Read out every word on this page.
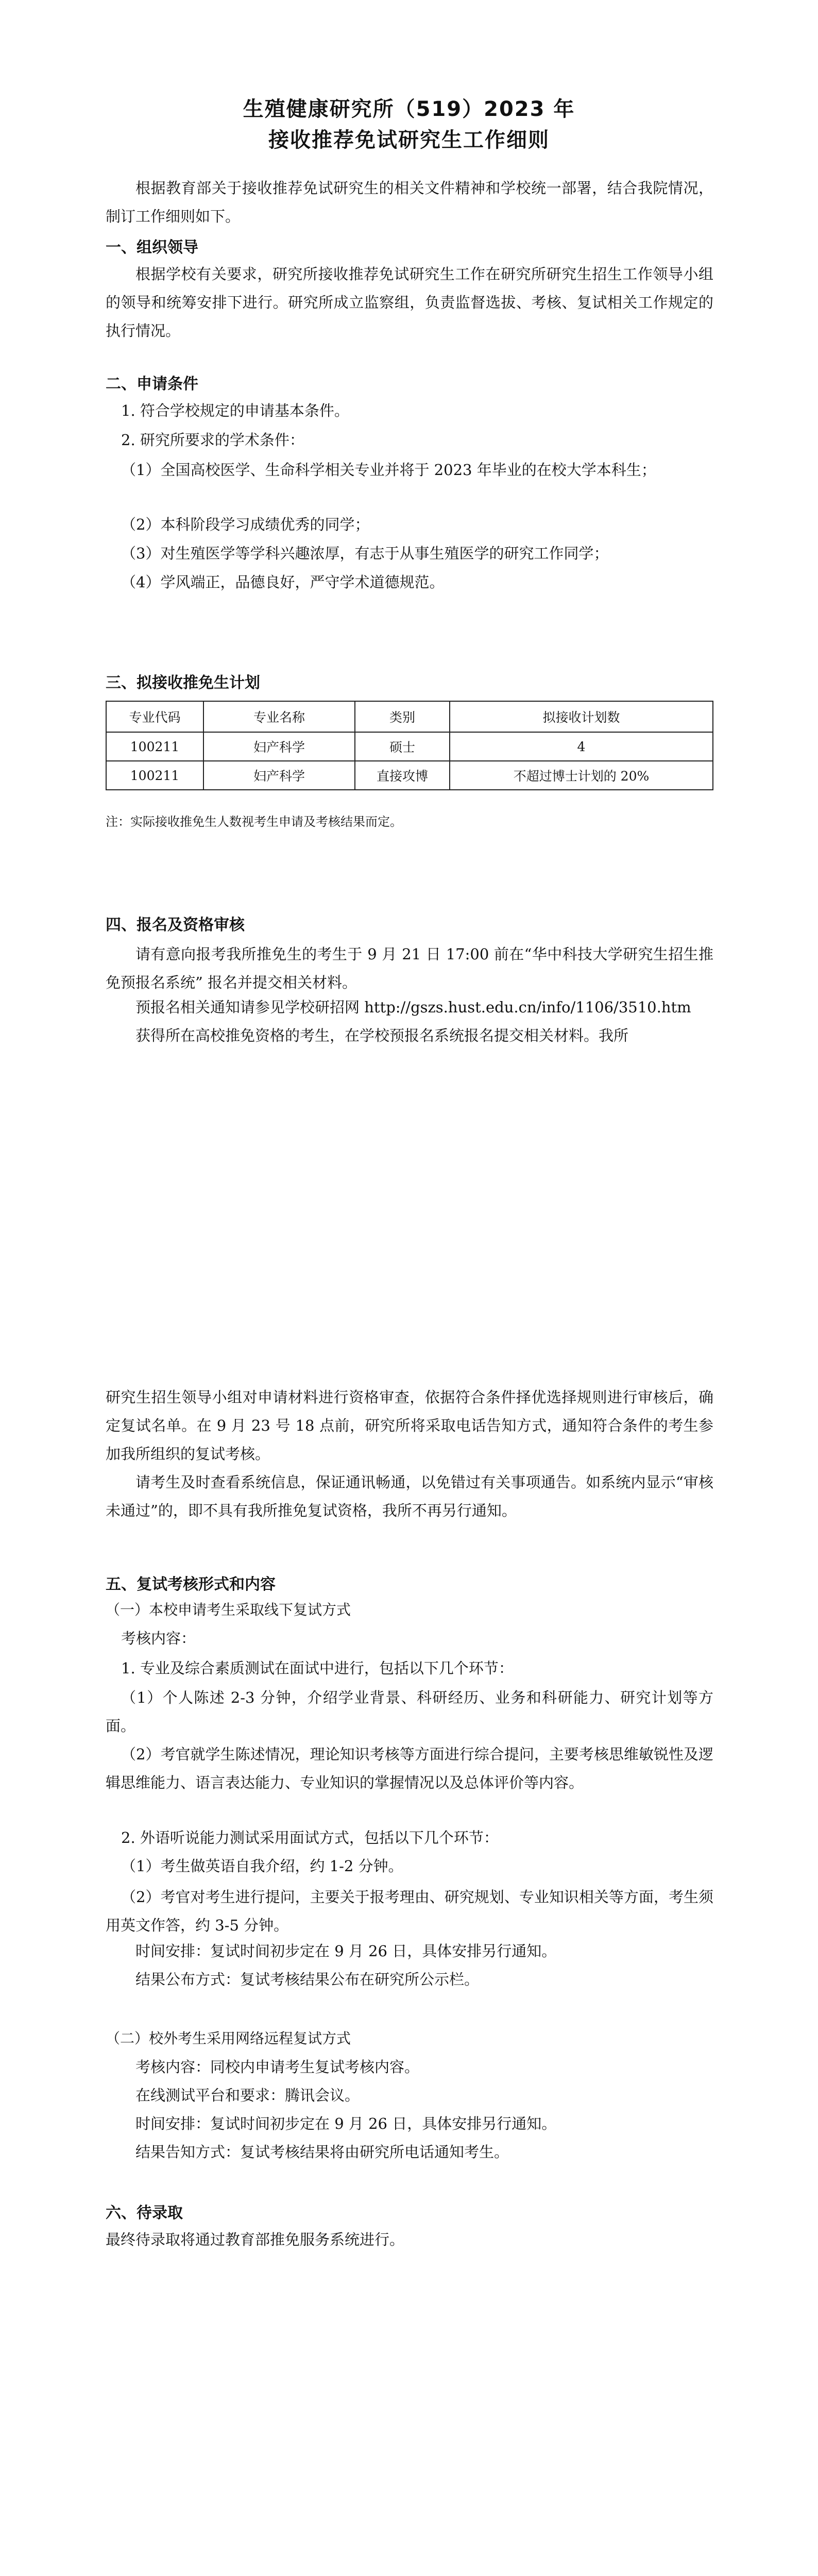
生殖健康研究所（519）2023 年
接收推荐免试研究生工作细则

根据教育部关于接收推荐免试研究生的相关文件精神和学校统一部署，结合我院情况，制订工作细则如下。

一、组织领导

根据学校有关要求，研究所接收推荐免试研究生工作在研究所研究生招生工作领导小组的领导和统筹安排下进行。研究所成立监察组，负责监督选拔、考核、复试相关工作规定的执行情况。

二、申请条件

1. 符合学校规定的申请基本条件。

2. 研究所要求的学术条件：

（1）全国高校医学、生命科学相关专业并将于 2023 年毕业的在校大学本科生；

（2）本科阶段学习成绩优秀的同学；

（3）对生殖医学等学科兴趣浓厚，有志于从事生殖医学的研究工作同学；

（4）学风端正，品德良好，严守学术道德规范。

三、拟接收推免生计划

专业代码	专业名称	类别	拟接收计划数
100211	妇产科学	硕士	4
100211	妇产科学	直接攻博	不超过博士计划的 20%
注：实际接收推免生人数视考生申请及考核结果而定。

四、报名及资格审核

请有意向报考我所推免生的考生于 9 月 21 日 17:00 前在“华中科技大学研究生招生推免预报名系统” 报名并提交相关材料。

预报名相关通知请参见学校研招网 http://gszs.hust.edu.cn/info/1106/3510.htm

获得所在高校推免资格的考生，在学校预报名系统报名提交相关材料。我所

研究生招生领导小组对申请材料进行资格审查，依据符合条件择优选择规则进行审核后，确定复试名单。在 9 月 23 号 18 点前，研究所将采取电话告知方式，通知符合条件的考生参加我所组织的复试考核。

请考生及时查看系统信息，保证通讯畅通，以免错过有关事项通告。如系统内显示“审核未通过”的，即不具有我所推免复试资格，我所不再另行通知。

五、复试考核形式和内容

（一）本校申请考生采取线下复试方式

考核内容：

1. 专业及综合素质测试在面试中进行，包括以下几个环节：

（1）个人陈述 2-3 分钟，介绍学业背景、科研经历、业务和科研能力、研究计划等方面。

（2）考官就学生陈述情况，理论知识考核等方面进行综合提问，主要考核思维敏锐性及逻辑思维能力、语言表达能力、专业知识的掌握情况以及总体评价等内容。

2. 外语听说能力测试采用面试方式，包括以下几个环节：

（1）考生做英语自我介绍，约 1-2 分钟。

（2）考官对考生进行提问，主要关于报考理由、研究规划、专业知识相关等方面，考生须用英文作答，约 3-5 分钟。

时间安排：复试时间初步定在 9 月 26 日，具体安排另行通知。

结果公布方式：复试考核结果公布在研究所公示栏。

（二）校外考生采用网络远程复试方式

考核内容：同校内申请考生复试考核内容。

在线测试平台和要求：腾讯会议。

时间安排：复试时间初步定在 9 月 26 日，具体安排另行通知。

结果告知方式：复试考核结果将由研究所电话通知考生。

六、待录取

最终待录取将通过教育部推免服务系统进行。
